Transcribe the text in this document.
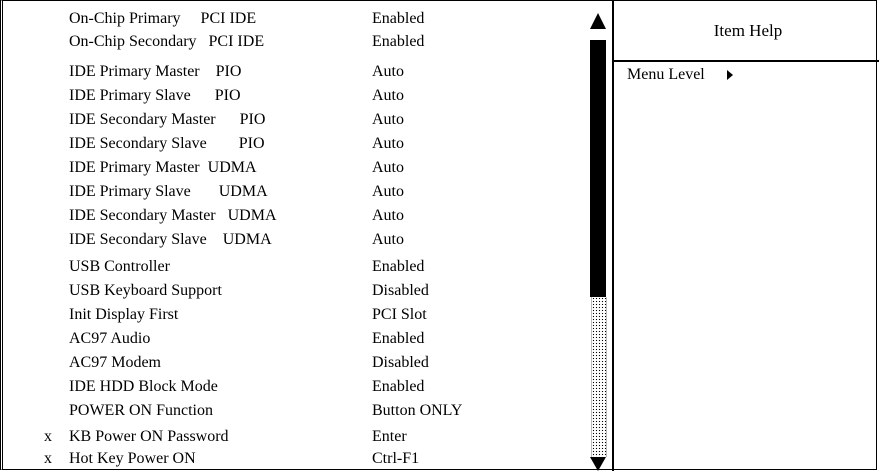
On-Chip Primary     PCI IDE	Enabled
On-Chip Secondary   PCI IDE	Enabled
IDE Primary Master    PIO	Auto
IDE Primary Slave      PIO	Auto
IDE Secondary Master      PIO	Auto
IDE Secondary Slave        PIO	Auto
IDE Primary Master  UDMA	Auto
IDE Primary Slave       UDMA	Auto
IDE Secondary Master   UDMA	Auto
IDE Secondary Slave    UDMA	Auto
USB Controller	Enabled
USB Keyboard Support	Disabled
Init Display First	PCI Slot
AC97 Audio	Enabled
AC97 Modem	Disabled
IDE HDD Block Mode	Enabled
POWER ON Function	Button ONLY
x	KB Power ON Password	Enter
x	Hot Key Power ON	Ctrl-F1
Item Help
Menu Level
